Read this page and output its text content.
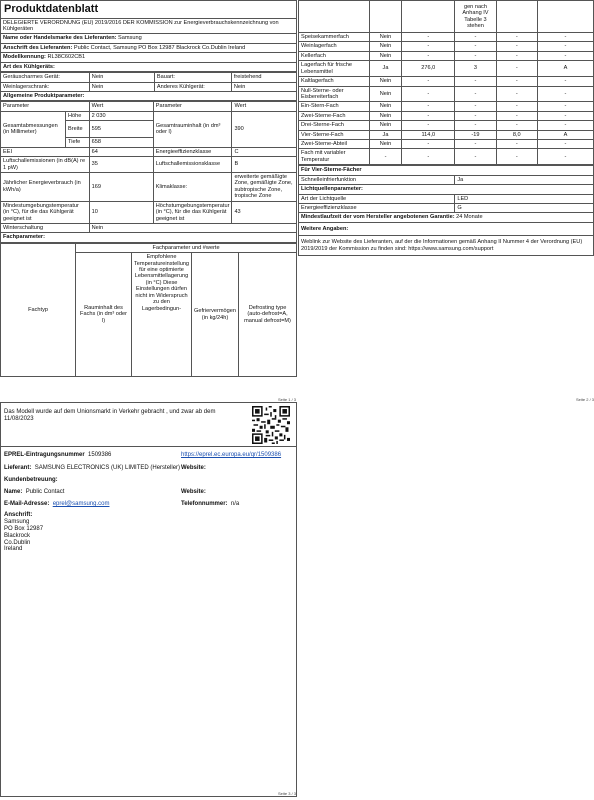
Produktdatenblatt
DELEGIERTE VERORDNUNG (EU) 2019/2016 DER KOMMISSION zur Energieverbrauchskennzeichnung von Kühlgeräten
Name oder Handelsmarke des Lieferanten: Samsung
Anschrift des Lieferanten: Public Contact, Samsung PO Box 12987 Blackrock Co.Dublin Ireland
Modellkennung: RL38C602CB1
Art des Kühlgeräts:
Geräuscharmes Gerät:	Nein	Bauart:	freistehend
Weinlagerschrank:	Nein	Anderes Kühlgerät:	Nein
Allgemeine Produktparameter:			
Parameter		Wert	Parameter	Wert
Gesamtabmessungen (in Millimeter)	Höhe	2 030	Gesamtrauminhalt (in dm³ oder l)	390
	Breite	595		
	Tiefe	658		
EEI		64	Energieeffizienzklasse	C
Luftschallemissionen (in dB(A) re 1 pW)		35	Luftschallemissionsklasse	B
Jährlicher Energieverbrauch (in kWh/a)		169	Klimaklasse:	erweiterte gemäßigte Zone, gemäßigte Zone, subtropische Zone, tropische Zone
Mindestumgebungstemperatur (in °C), für die das Kühlgerät geeignet ist		10	Höchstumgebungstemperatur (in °C), für die das Kühlgerät geeignet ist	43
Winterschaltung		Nein		
Fachparameter:				
Fachtyp	Fachparameter und #werte			
	Rauminhalt des Fachs (in dm³ oder l)	Empfohlene Temperatureinstellung für eine optimierte Lebensmittellagerung (in °C) Diese Einstellungen dürfen nicht im Widerspruch zu den Lagerbedingun-	Gefriervermögen (in kg/24h)	Defrosting type (auto-defrost=A, manual defrost=M)
Seite 1 / 3
			gen nach Anhang IV Tabelle 3 stehen		
Speisekammerfach	Nein	-	-	-	-
Weinlagerfach	Nein	-	-	-	-
Kellerfach	Nein	-	-	-	-
Lagerfach für frische Lebensmittel	Ja	276,0	3	-	A
Kaltlagerfach	Nein	-	-	-	-
Null-Sterne- oder Eisbereiterfach	Nein	-	-	-	-
Ein-Stern-Fach	Nein	-	-	-	-
Zwei-Sterne-Fach	Nein	-	-	-	-
Drei-Sterne-Fach	Nein	-	-	-	-
Vier-Sterne-Fach	Ja	114,0	-19	8,0	A
Zwei-Sterne-Abteil	Nein	-	-	-	-
Fach mit variabler Temperatur	-	-	-	-	-
Für Vier-Sterne-Fächer	
Schnelleinfrierfunktion	Ja
Lichtquellenparameter:	
Art der Lichtquelle	LED
Energieeffizienzklasse	G
Mindestlaufzeit der vom Hersteller angebotenen Garantie: 24 Monate	
Weitere Angaben:	
Weblink zur Website des Lieferanten, auf der die Informationen gemäß Anhang II Nummer 4 der Verordnung (EU) 2019/2019 der Kommission zu finden sind: https://www.samsung.com/support	
Seite 2 / 3
Das Modell wurde auf dem Unionsmarkt in Verkehr gebracht , und zwar ab dem 11/08/2023
EPREL-Eintragungsnummer 1509386	https://eprel.ec.europa.eu/qr/1509386
Lieferant: SAMSUNG ELECTRONICS (UK) LIMITED (Hersteller) Website:
Kundenbetreuung:
Name: Public Contact	Website:
E-Mail-Adresse: eprel@samsung.com	Telefonnummer: n/a
Anschrift:
Samsung
PO Box 12987
Blackrock
Co.Dublin
Ireland
Seite 3 / 3
